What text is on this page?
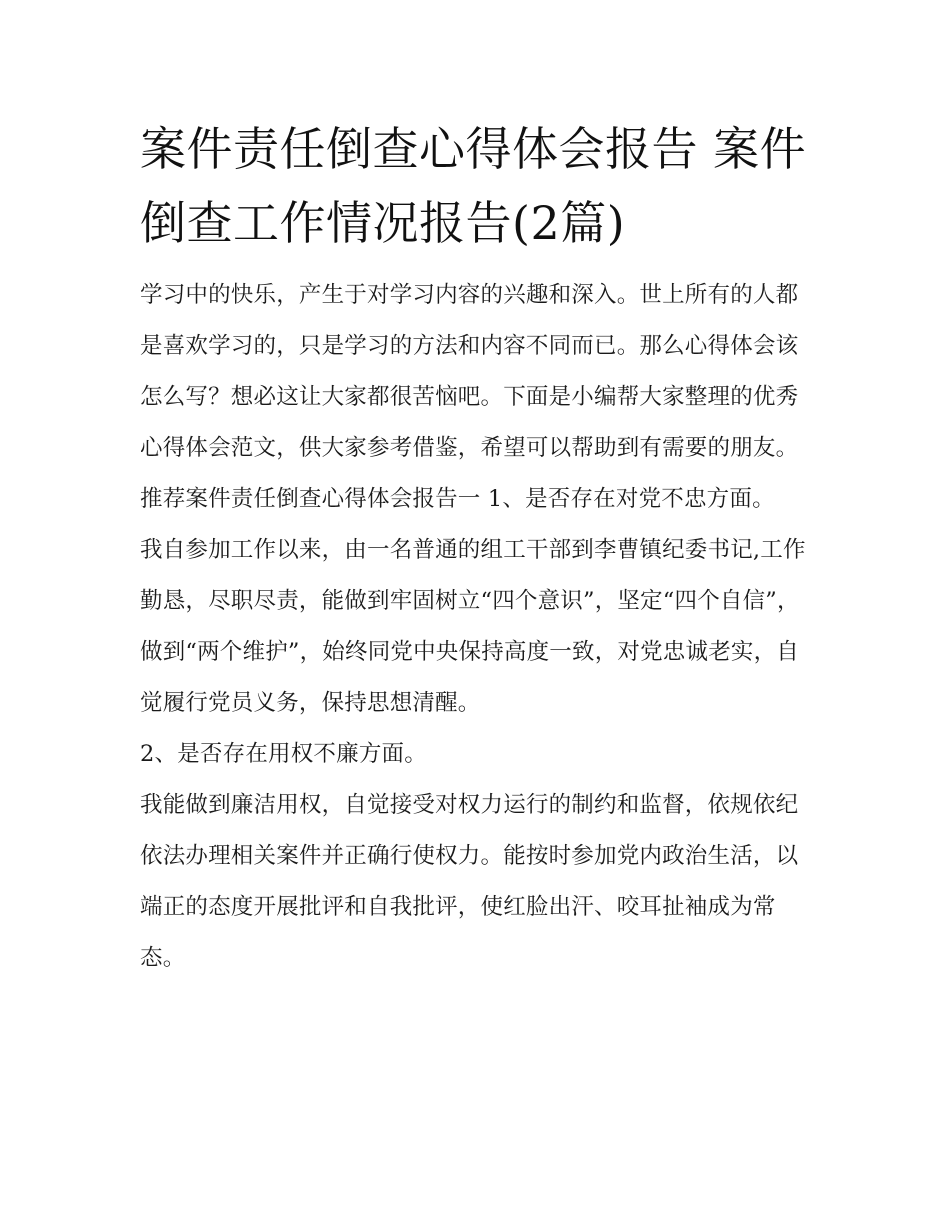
案件责任倒查心得体会报告 案件倒查工作情况报告(2篇)

学习中的快乐，产生于对学习内容的兴趣和深入。世上所有的人都是喜欢学习的，只是学习的方法和内容不同而已。那么心得体会该怎么写？想必这让大家都很苦恼吧。下面是小编帮大家整理的优秀心得体会范文，供大家参考借鉴，希望可以帮助到有需要的朋友。

推荐案件责任倒查心得体会报告一 1、是否存在对党不忠方面。

我自参加工作以来，由一名普通的组工干部到李曹镇纪委书记,工作勤恳，尽职尽责，能做到牢固树立“四个意识”，坚定“四个自信”，做到“两个维护”，始终同党中央保持高度一致，对党忠诚老实，自觉履行党员义务，保持思想清醒。

2、是否存在用权不廉方面。

我能做到廉洁用权，自觉接受对权力运行的制约和监督，依规依纪依法办理相关案件并正确行使权力。能按时参加党内政治生活，以端正的态度开展批评和自我批评，使红脸出汗、咬耳扯袖成为常态。
